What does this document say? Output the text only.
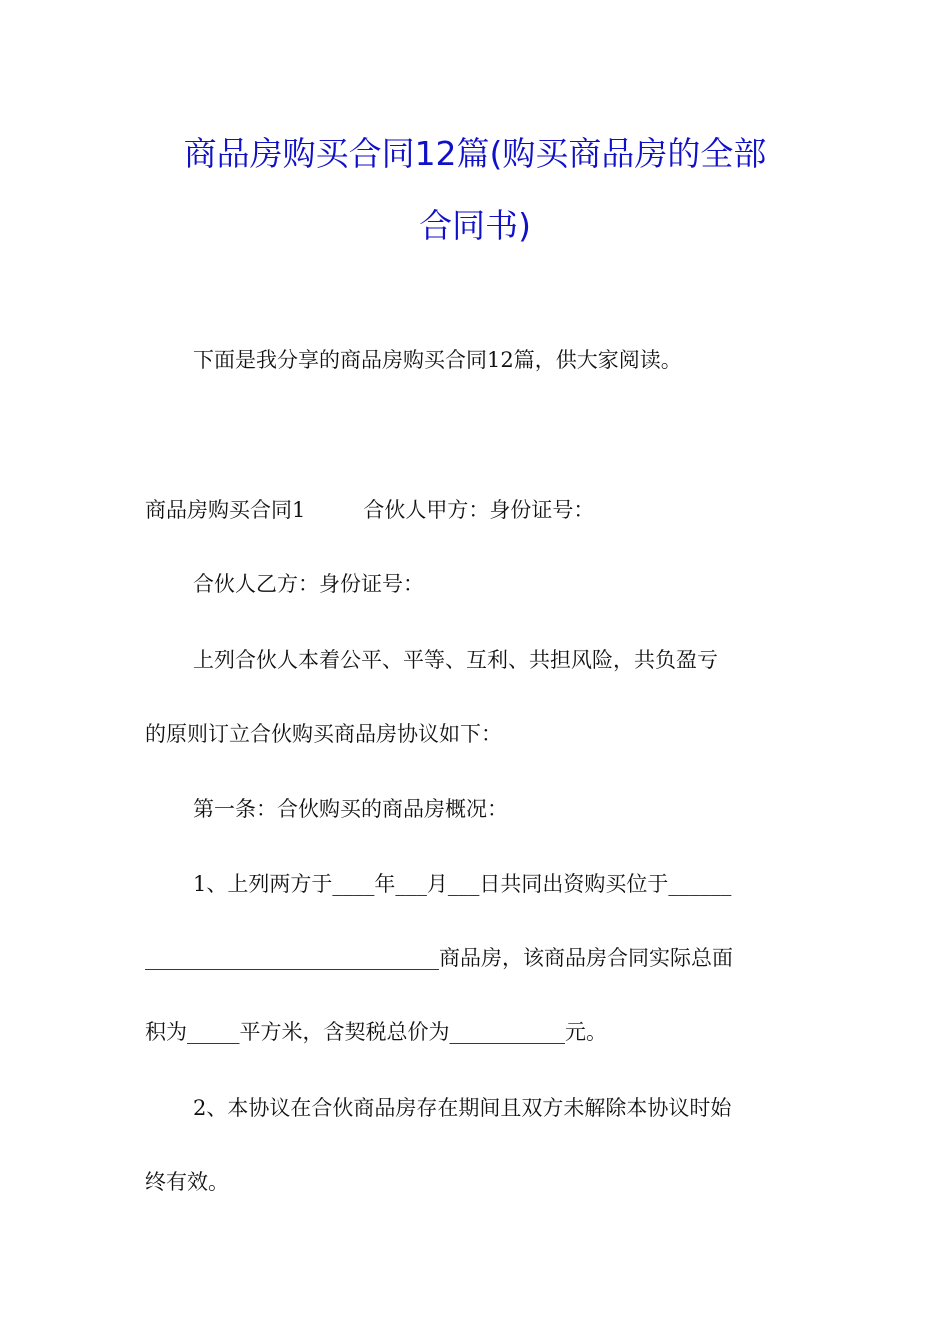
商品房购买合同12篇(购买商品房的全部
合同书)
下面是我分享的商品房购买合同12篇，供大家阅读。
商品房购买合同1	合伙人甲方：身份证号：
合伙人乙方：身份证号：
上列合伙人本着公平、平等、互利、共担风险，共负盈亏
的原则订立合伙购买商品房协议如下：
第一条：合伙购买的商品房概况：
1、上列两方于____年___月___日共同出资购买位于______
____________________________商品房，该商品房合同实际总面
积为_____平方米，含契税总价为___________元。
2、本协议在合伙商品房存在期间且双方未解除本协议时始
终有效。
